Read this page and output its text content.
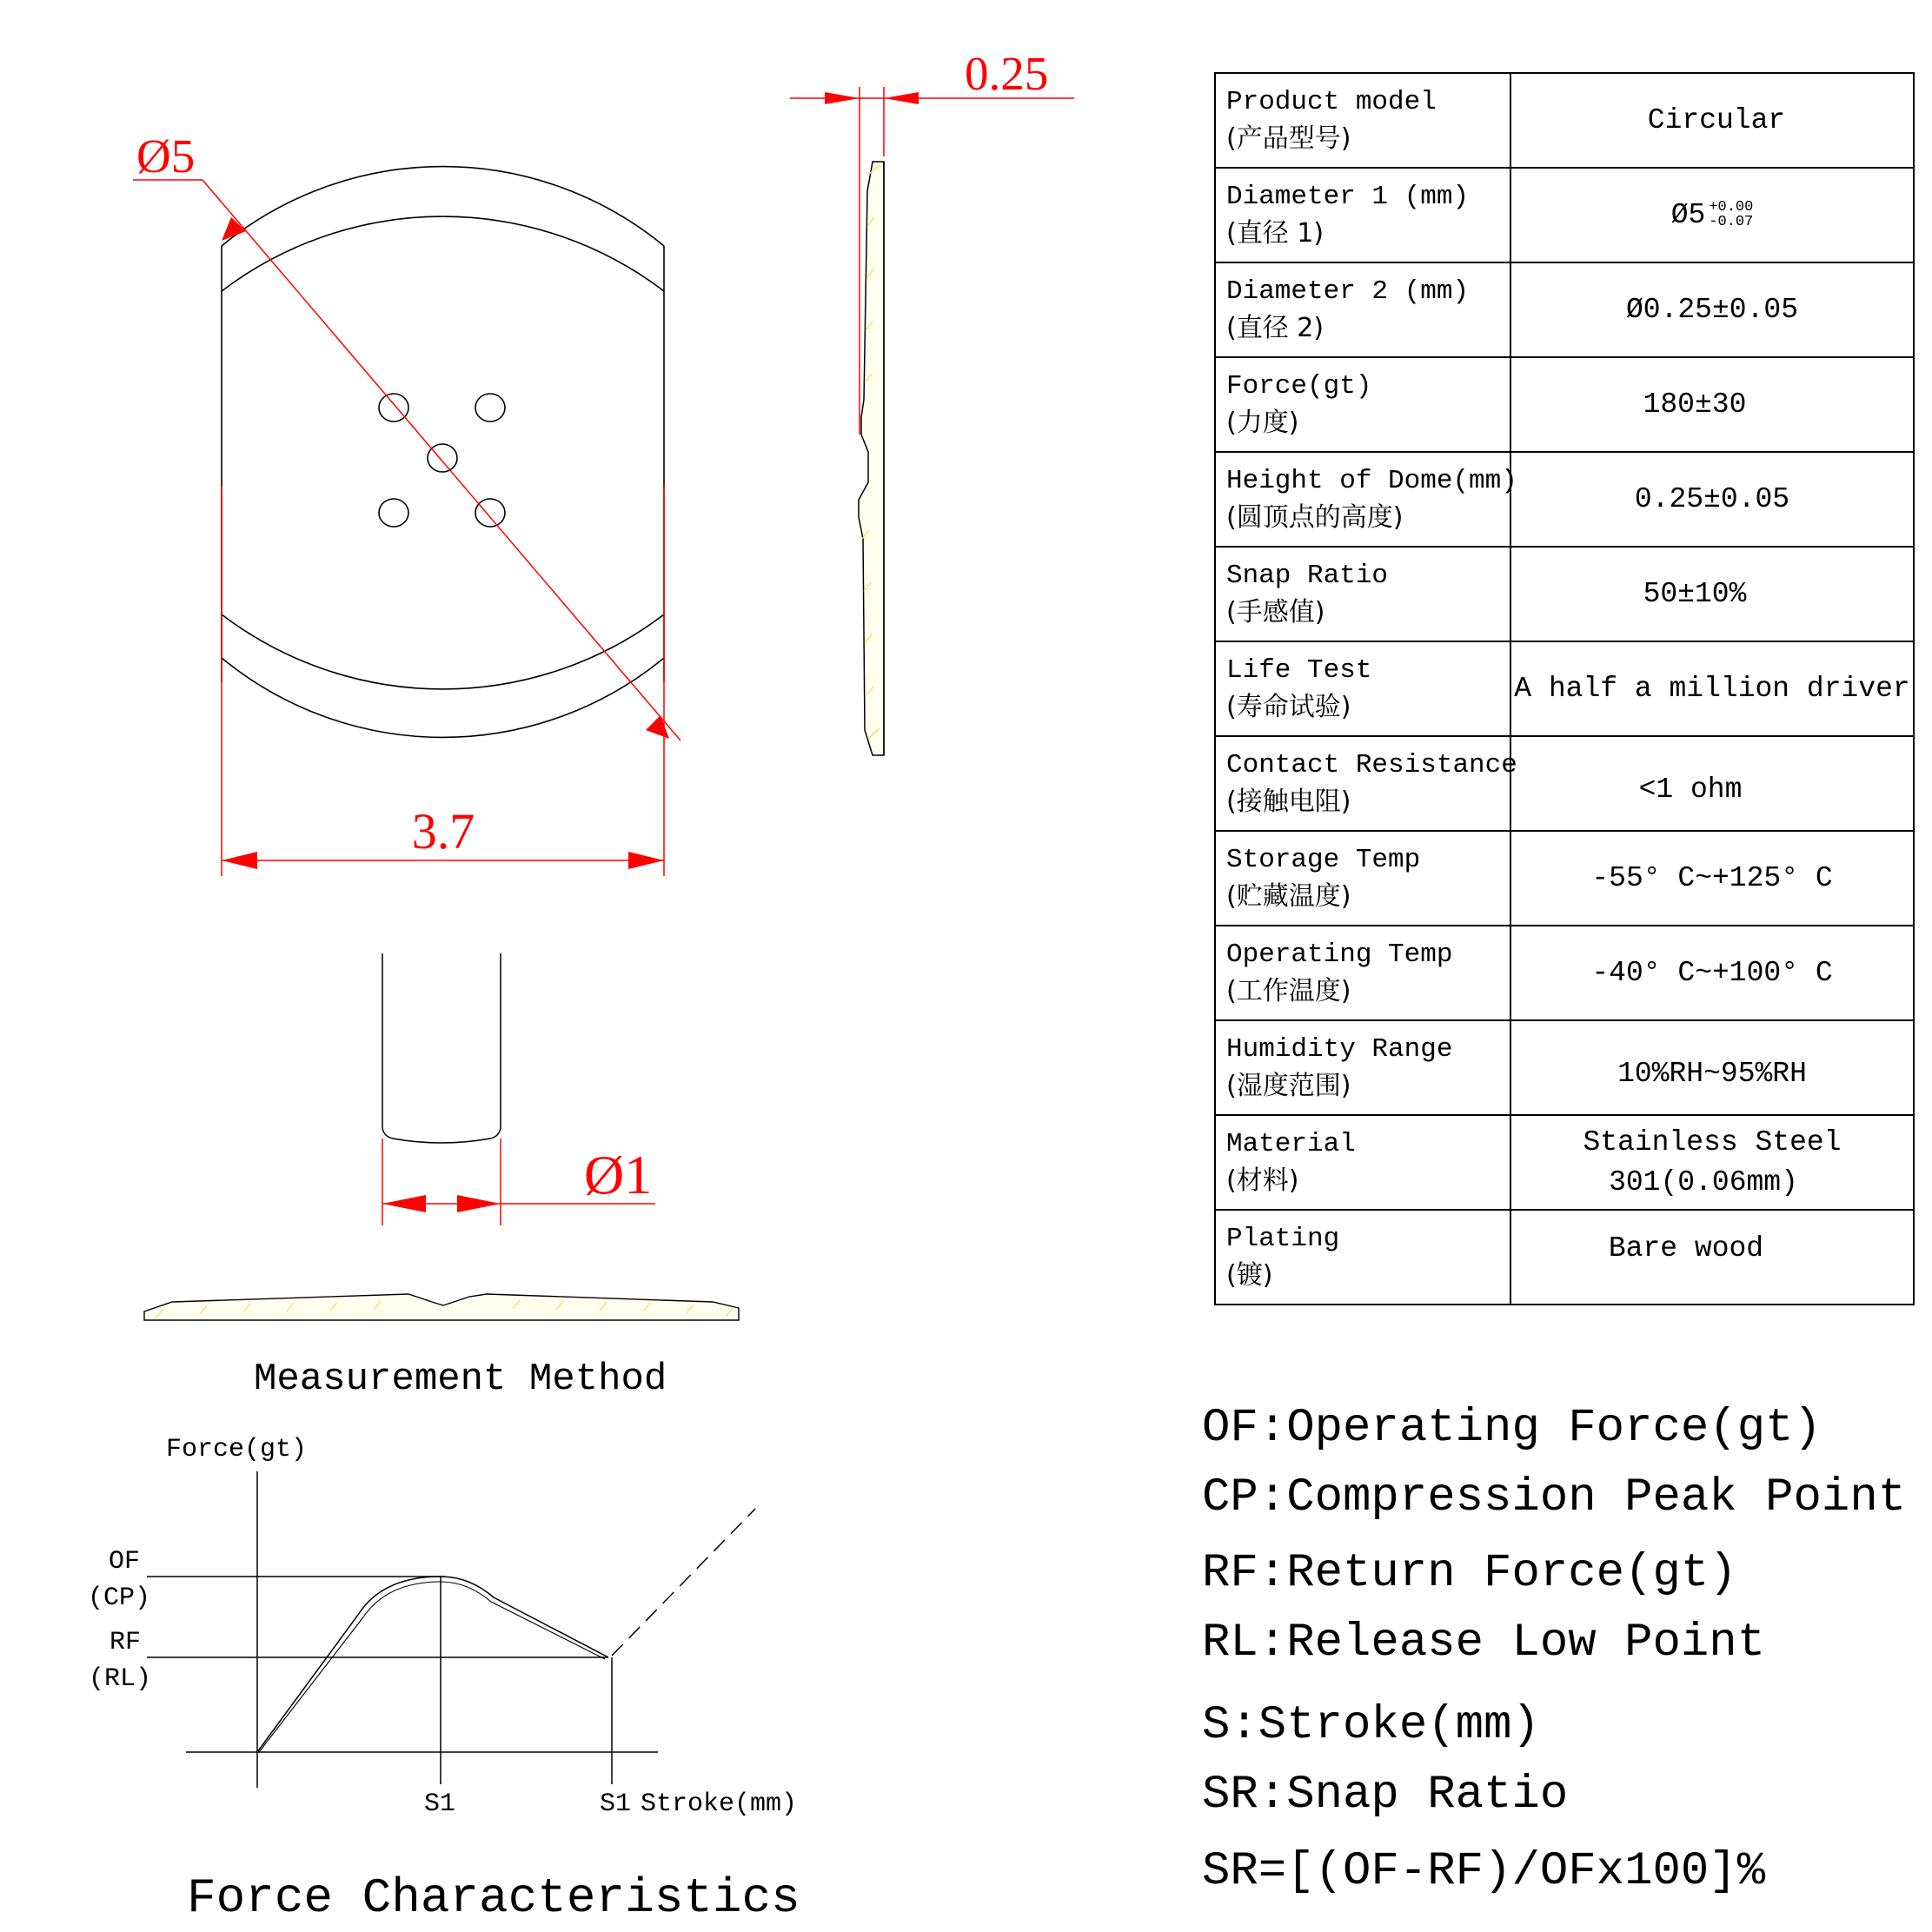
Ø5
3.7
0.25
Ø1
Force(gt)
OF
(CP)
RF
(RL)
S1	S1 Stroke(mm)
Measurement Method
Force Characteristics
Product model
(产品型号)	Circular

Diameter 1 (mm)
(直径 1)	Ø5 +0.00
-0.07

Diameter 2 (mm)
(直径 2)	Ø0.25±0.05

Force(gt)
(力度)	180±30

Height of Dome(mm)
(圆顶点的高度)	0.25±0.05

Snap Ratio
(手感值)	50±10%

Life Test
(寿命试验)	A half a million driver

Contact Resistance
(接触电阻)	<1 ohm

Storage Temp
(贮藏温度)	-55° C~+125° C

Operating Temp
(工作温度)	-40° C~+100° C

Humidity Range
(湿度范围)	10%RH~95%RH

Material
(材料)	Stainless Steel
301(0.06mm)

Plating
(镀)	Bare wood
OF:Operating Force(gt)
CP:Compression Peak Point
RF:Return Force(gt)
RL:Release Low Point
S:Stroke(mm)
SR:Snap Ratio
SR=[(OF-RF)/OFx100]%
